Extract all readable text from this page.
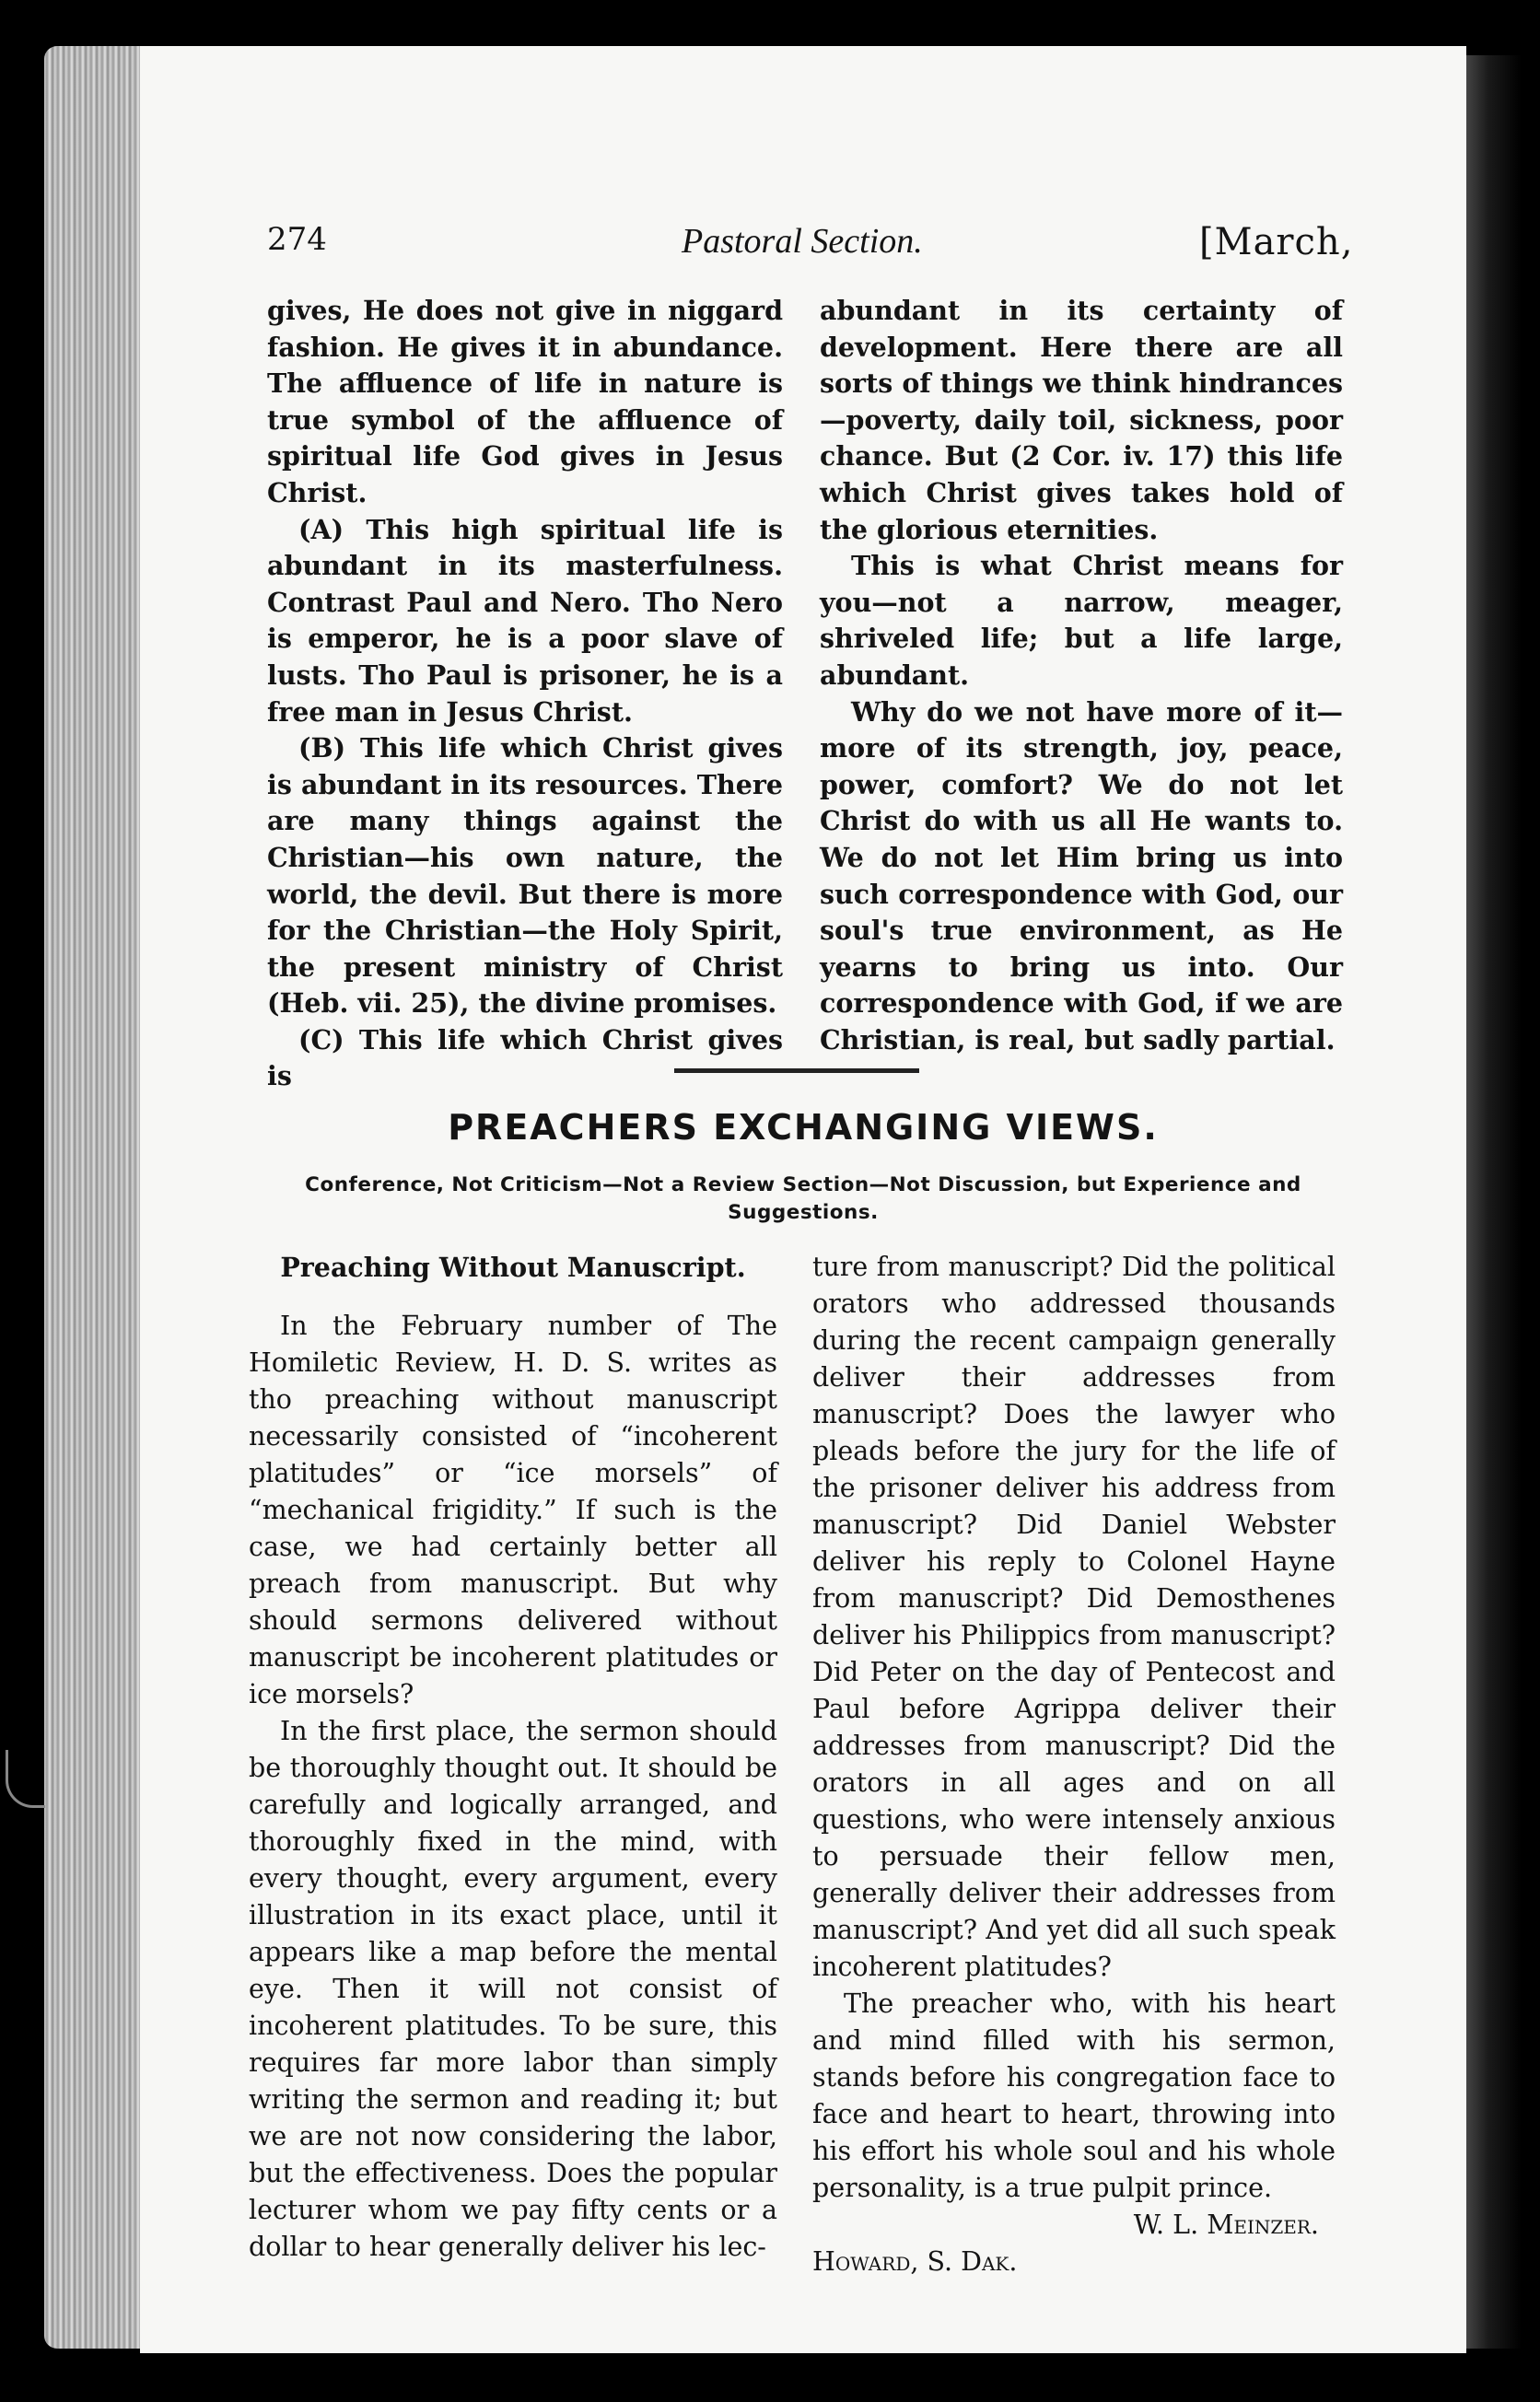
274	Pastoral Section.	[March,

gives, He does not give in niggard fashion. He gives it in abundance. The affluence of life in nature is true symbol of the affluence of spiritual life God gives in Jesus Christ.

(A) This high spiritual life is abundant in its masterfulness. Contrast Paul and Nero. Tho Nero is emperor, he is a poor slave of lusts. Tho Paul is prisoner, he is a free man in Jesus Christ.

(B) This life which Christ gives is abundant in its resources. There are many things against the Christian—his own nature, the world, the devil. But there is more for the Christian—the Holy Spirit, the present ministry of Christ (Heb. vii. 25), the divine promises.

(C) This life which Christ gives is

abundant in its certainty of development. Here there are all sorts of things we think hindrances—poverty, daily toil, sickness, poor chance. But (2 Cor. iv. 17) this life which Christ gives takes hold of the glorious eternities.

This is what Christ means for you—not a narrow, meager, shriveled life; but a life large, abundant.

Why do we not have more of it—more of its strength, joy, peace, power, comfort? We do not let Christ do with us all He wants to. We do not let Him bring us into such correspondence with God, our soul's true environment, as He yearns to bring us into. Our correspondence with God, if we are Christian, is real, but sadly partial.

PREACHERS EXCHANGING VIEWS.
Conference, Not Criticism—Not a Review Section—Not Discussion, but Experience and Suggestions.

Preaching Without Manuscript.

In the February number of The Homiletic Review, H. D. S. writes as tho preaching without manuscript necessarily consisted of “incoherent platitudes” or “ice morsels” of “mechanical frigidity.” If such is the case, we had certainly better all preach from manuscript. But why should sermons delivered without manuscript be incoherent platitudes or ice morsels?

In the first place, the sermon should be thoroughly thought out. It should be carefully and logically arranged, and thoroughly fixed in the mind, with every thought, every argument, every illustration in its exact place, until it appears like a map before the mental eye. Then it will not consist of incoherent platitudes. To be sure, this requires far more labor than simply writing the sermon and reading it; but we are not now considering the labor, but the effectiveness. Does the popular lecturer whom we pay fifty cents or a dollar to hear generally deliver his lec-

ture from manuscript? Did the political orators who addressed thousands during the recent campaign generally deliver their addresses from manuscript? Does the lawyer who pleads before the jury for the life of the prisoner deliver his address from manuscript? Did Daniel Webster deliver his reply to Colonel Hayne from manuscript? Did Demosthenes deliver his Philippics from manuscript? Did Peter on the day of Pentecost and Paul before Agrippa deliver their addresses from manuscript? Did the orators in all ages and on all questions, who were intensely anxious to persuade their fellow men, generally deliver their addresses from manuscript? And yet did all such speak incoherent platitudes?

The preacher who, with his heart and mind filled with his sermon, stands before his congregation face to face and heart to heart, throwing into his effort his whole soul and his whole personality, is a true pulpit prince.

W. L. Meinzer.

Howard, S. Dak.
